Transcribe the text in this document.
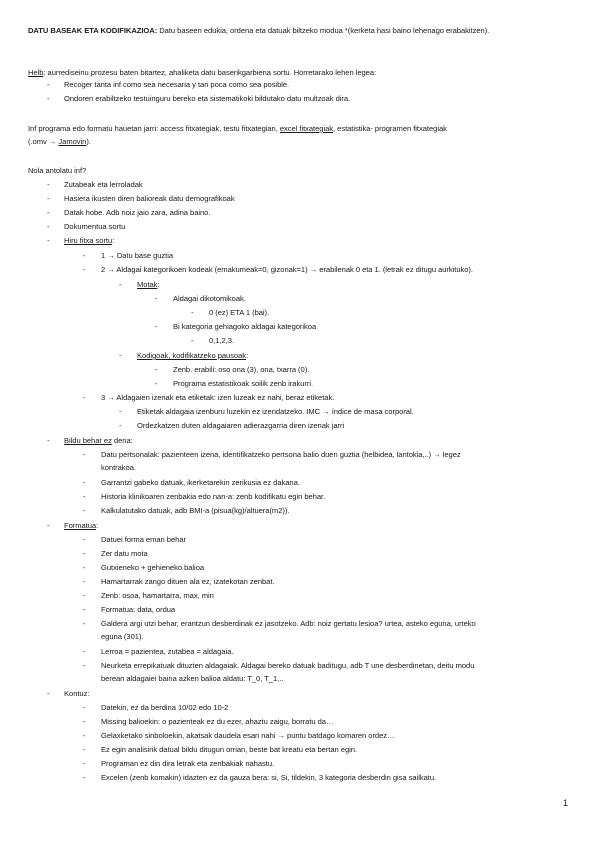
DATU BASEAK ETA KODIFIKAZIOA: Datu baseen edukia, ordena eta datuak biltzeko modua *(kerketa hasi baino lehenago erabakitzen).
Helb: aurrediseinu prozesu baten bitartez, ahaliketa datu baserikgarbiena sortu. Horretarako lehen legea:
- Recoger tanta inf como sea necesaria y tan poca como sea posible.
- Ondoren erabiltzeko testuinguru bereko eta sistematikoki bildutako datu multzoak dira.
Inf programa edo formatu hauetan jarri: access fitxategiak, testu fitxategian, excel fitxategiak, estatistika- programen fitxategiak
(.omv → Jamovin).
Nola antolatu inf?
- Zutabeak eta lerroladak
- Hasiera ikusten diren balioreak datu demografikoak
- Datak hobe. Adb noiz jaio zara, adina baino.
- Dokumentua sortu
- Hiru fitxa sortu:
- 1 → Datu base guztia
- 2 → Aldagai kategorikoen kodeak (emakumeak=0, gizonak=1) → erabilenak 0 eta 1. (letrak ez ditugu aurkituko).
- Motak:
- Aldagai dikotomikoak.
- 0 (ez) ETA 1 (bai).
- Bi kategoria gehiagoko aldagai kategorikoa
- 0,1,2,3.
- Kodigoak, kodifikatzeko pausoak:
- Zenb. erabili: oso ona (3), ona, txarra (0).
- Programa estatistikoak soilik zenb irakurri.
- 3 → Aldagaien izenak eta etiketak: izen luzeak ez nahi, beraz etiketak.
- Etiketak aldagaia izenburu luzekin ez izendatzeko. IMC → índice de masa corporal.
- Ordezkatzen duten aldagaiaren adierazgarria diren izenak jarri
- Bildu behar ez dena:
- Datu pertsonalak: pazienteen izena, identifikatzeko pertsona balio duen guztia (helbidea, lantokia,..) → legez
kontrakoa.
- Garrantzi gabeko datuak, ikerketarekin zerikusia ez dakana.
- Historia klinikoaren zenbakia edo nan-a: zenb kodifikatu egin behar.
- Kalkulatutako datuak, adb BMI-a (pisua(kg)/altuera(m2)).
- Formatua:
- Datuei forma eman behar
- Zer datu mota
- Gutxieneko + gehieneko balioa
- Hamartarrak zango dituen ala ez, izatekotan zenbat.
- Zenb: osoa, hamartarra, max, min
- Formatua: data, ordua
- Galdera argi utzi behar, erantzun desberdinak ez jasotzeko. Adb: noiz gertatu lesioa? urtea, asteko eguna, urteko
eguna (301).
- Lerroa = pazientea, zutabea = aldagaia.
- Neurketa errepikatuak dituzten aldagaiak. Aldagai bereko datuak baditugu, adb T une desberdinetan, deitu modu
berean aldagaiei baina azken balioa aldatu: T_0, T_1,..
- Kontuz:
- Datekin, ez da berdina 10/02 edo 10-2
- Missing balioekin: o pazienteak ez du ezer, ahaztu zaigu, borratu da…
- Gelaxketako sinboloekin, akatsak daudela esan nahi → puntu batdago komaren ordez…
- Ez egin analisirik datual bildu ditugun orrian, beste bat kreatu eta bertan egin.
- Programan ez din dira letrak eta zenbakiak nahastu.
- Excelen (zenb komakin) idazten ez da gauza bera: si, Si, tildekin, 3 kategoria desberdin gisa sailkatu.
1
